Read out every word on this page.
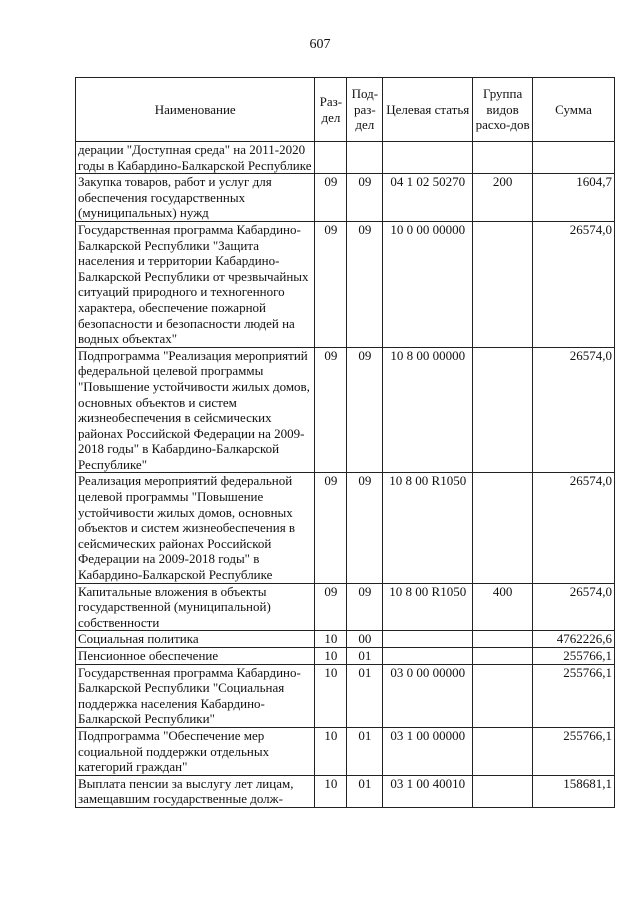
607
Наименование	Раз-дел	Под-раз-дел	Целевая статья	Группа видов расхо-дов	Сумма
дерации "Доступная среда" на 2011-2020 годы в Кабардино-Балкарской Республике					
Закупка товаров, работ и услуг для обеспечения государственных (муниципальных) нужд	09	09	04 1 02 50270	200	1604,7
Государственная программа Кабардино-Балкарской Республики "Защита населения и территории Кабардино-Балкарской Республики от чрезвычайных ситуаций природного и техногенного характера, обеспечение пожарной безопасности и безопасности людей на водных объектах"	09	09	10 0 00 00000		26574,0
Подпрограмма "Реализация мероприятий федеральной целевой программы "Повышение устойчивости жилых домов, основных объектов и систем жизнеобеспечения в сейсмических районах Российской Федерации на 2009-2018 годы" в Кабардино-Балкарской Республике"	09	09	10 8 00 00000		26574,0
Реализация мероприятий федеральной целевой программы "Повышение устойчивости жилых домов, основных объектов и систем жизнеобеспечения в сейсмических районах Российской Федерации на 2009-2018 годы" в Кабардино-Балкарской Республике	09	09	10 8 00 R1050		26574,0
Капитальные вложения в объекты государственной (муниципальной) собственности	09	09	10 8 00 R1050	400	26574,0
Социальная политика	10	00			4762226,6
Пенсионное обеспечение	10	01			255766,1
Государственная программа Кабардино-Балкарской Республики "Социальная поддержка населения Кабардино-Балкарской Республики"	10	01	03 0 00 00000		255766,1
Подпрограмма "Обеспечение мер социальной поддержки отдельных категорий граждан"	10	01	03 1 00 00000		255766,1
Выплата пенсии за выслугу лет лицам, замещавшим государственные долж-	10	01	03 1 00 40010		158681,1
